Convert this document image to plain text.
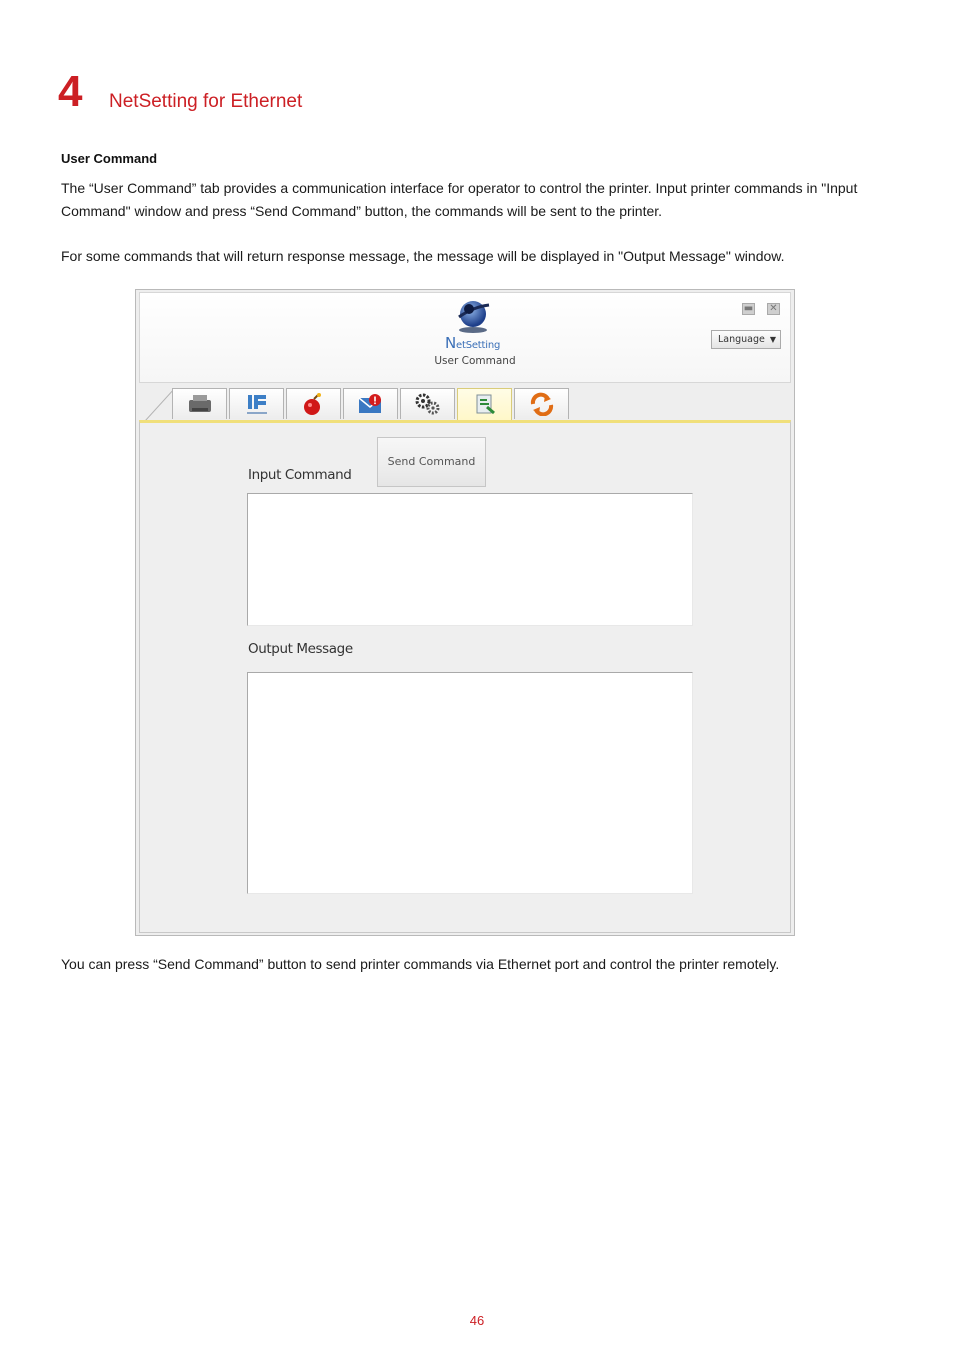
4 NetSetting for Ethernet
User Command
The “User Command” tab provides a communication interface for operator to control the printer. Input printer commands in "Input Command" window and press “Send Command” button, the commands will be sent to the printer.
For some commands that will return response message, the message will be displayed in "Output Message" window.
NetSetting
User Command
▬ ✕
Language ▼
Send Command
Input Command
Output Message
You can press “Send Command” button to send printer commands via Ethernet port and control the printer remotely.
46
